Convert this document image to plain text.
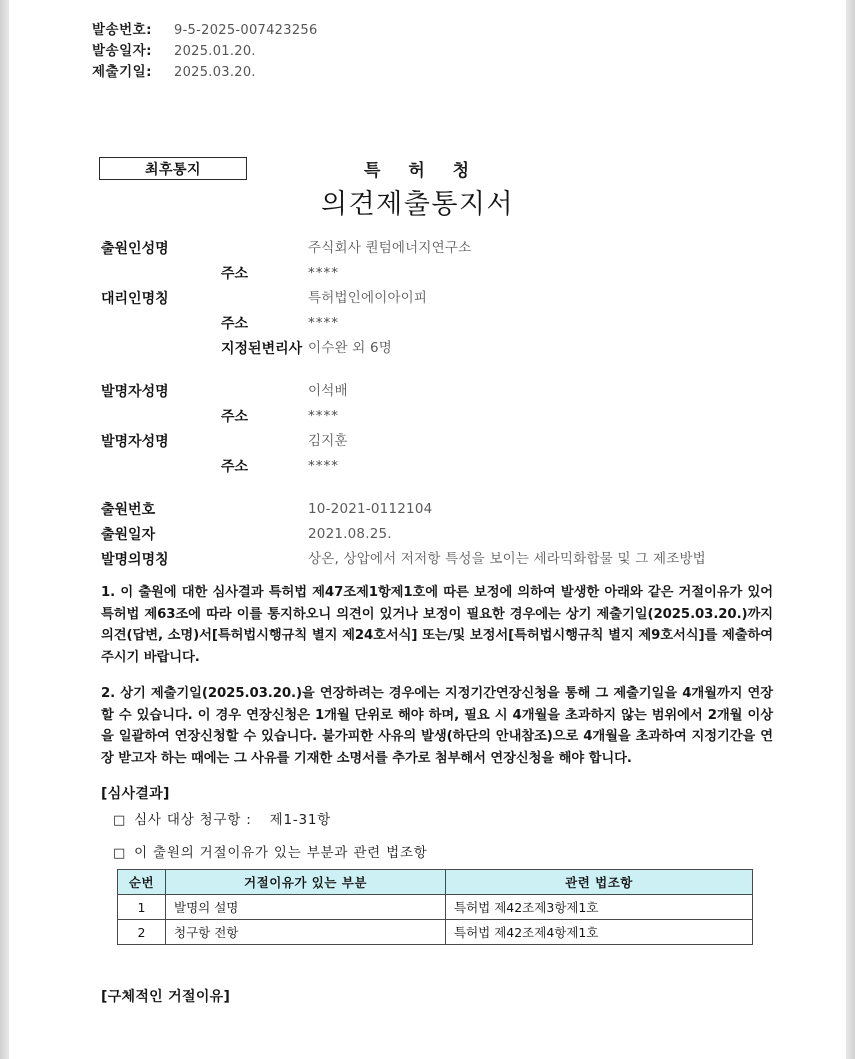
발송번호:	9-5-2025-007423256
발송일자:	2025.01.20.
제출기일:	2025.03.20.
최후통지	특 허 청
의견제출통지서
출원인성명	주식회사 퀀텀에너지연구소
주소	****
대리인명칭	특허법인에이아이피
주소	****
지정된변리사 이수완 외 6명
발명자성명	이석배
주소	****
발명자성명	김지훈
주소	****
출원번호	10-2021-0112104
출원일자	2021.08.25.
발명의명칭	상온, 상압에서 저저항 특성을 보이는 세라믹화합물 및 그 제조방법
1. 이 출원에 대한 심사결과 특허법 제47조제1항제1호에 따른 보정에 의하여 발생한 아래와 같은 거절이유가 있어 특허법 제63조에 따라 이를 통지하오니 의견이 있거나 보정이 필요한 경우에는 상기 제출기일(2025.03.20.)까지 의견(답변, 소명)서[특허법시행규칙 별지 제24호서식] 또는/및 보정서[특허법시행규칙 별지 제9호서식]를 제출하여 주시기 바랍니다.
2. 상기 제출기일(2025.03.20.)을 연장하려는 경우에는 지정기간연장신청을 통해 그 제출기일을 4개월까지 연장할 수 있습니다. 이 경우 연장신청은 1개월 단위로 해야 하며, 필요 시 4개월을 초과하지 않는 범위에서 2개월 이상을 일괄하여 연장신청할 수 있습니다. 불가피한 사유의 발생(하단의 안내참조)으로 4개월을 초과하여 지정기간을 연장 받고자 하는 때에는 그 사유를 기재한 소명서를 추가로 첨부해서 연장신청을 해야 합니다.
[심사결과]
□ 심사 대상 청구항 : 제1-31항
□ 이 출원의 거절이유가 있는 부분과 관련 법조항
순번	거절이유가 있는 부분	관련 법조항
1	발명의 설명	특허법 제42조제3항제1호
2	청구항 전항	특허법 제42조제4항제1호
[구체적인 거절이유]
